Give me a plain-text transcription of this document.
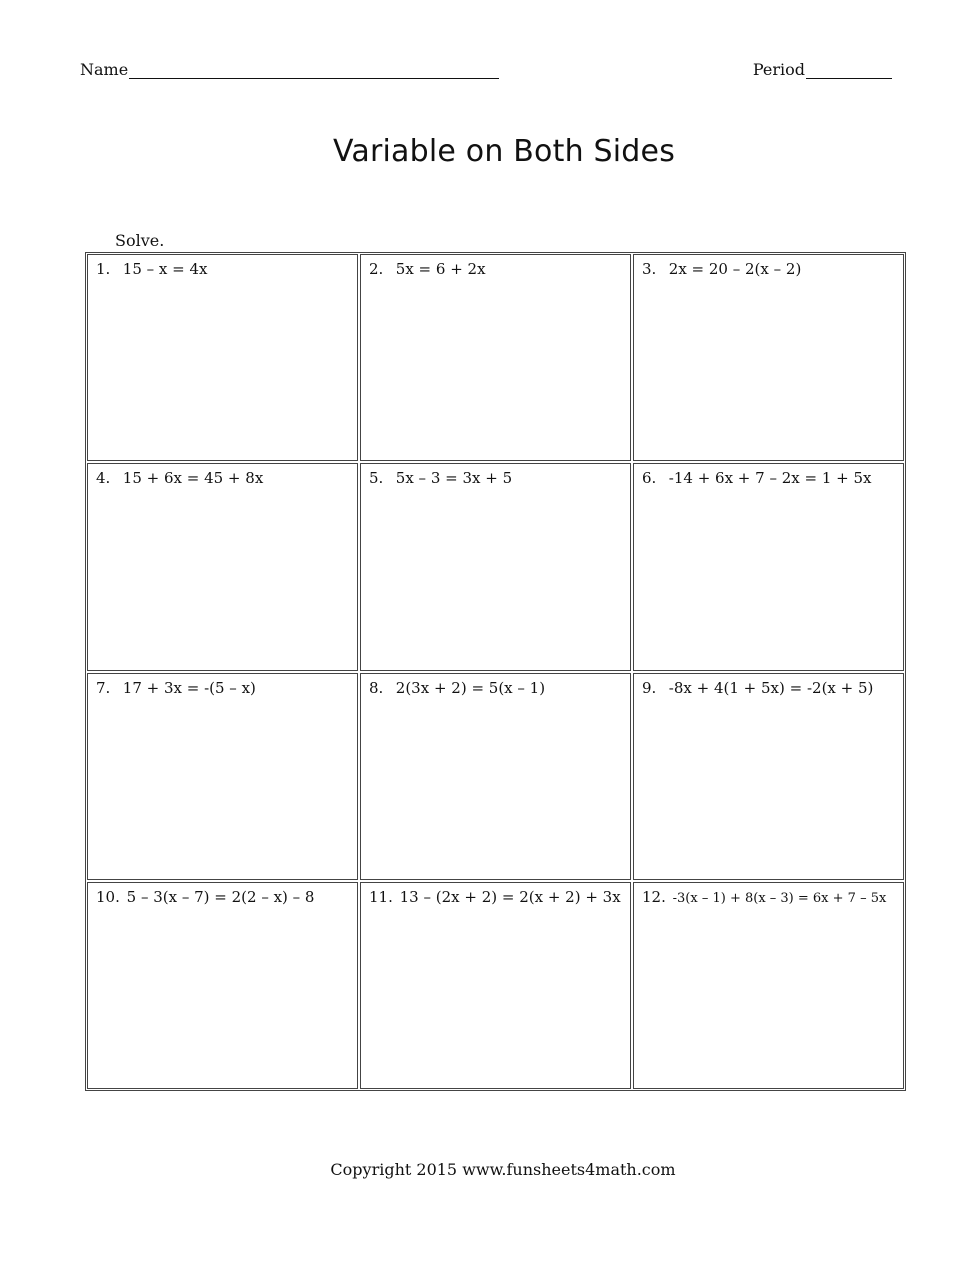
Name	Period
Variable on Both Sides
Solve.
1. 15 – x = 4x	2. 5x = 6 + 2x	3. 2x = 20 – 2(x – 2)
4. 15 + 6x = 45 + 8x	5. 5x – 3 = 3x + 5	6. -14 + 6x + 7 – 2x = 1 + 5x
7. 17 + 3x = -(5 – x)	8. 2(3x + 2) = 5(x – 1)	9. -8x + 4(1 + 5x) = -2(x + 5)
10. 5 – 3(x – 7) = 2(2 – x) – 8	11. 13 – (2x + 2) = 2(x + 2) + 3x	12. -3(x – 1) + 8(x – 3) = 6x + 7 – 5x
Copyright 2015 www.funsheets4math.com
